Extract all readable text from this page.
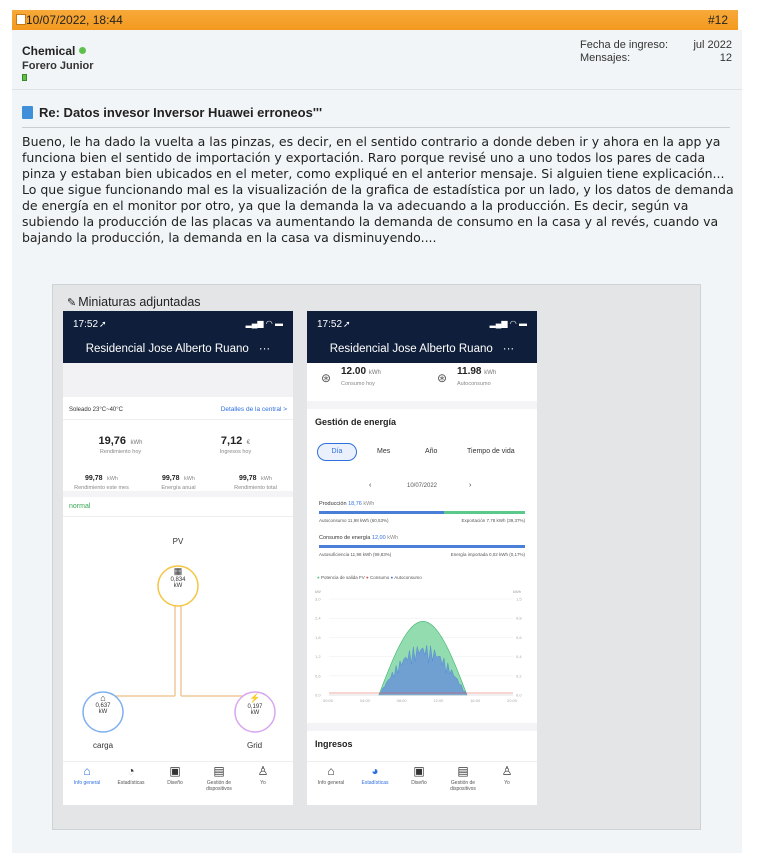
10/07/2022, 18:44	#12
Chemical
Forero Junior
Fecha de ingreso:	jul 2022
Mensajes:	12
Re: Datos invesor Inversor Huawei erroneos'''

Bueno, le ha dado la vuelta a las pinzas, es decir, en el sentido contrario a donde deben ir y ahora en la app ya funciona bien el sentido de importación y exportación. Raro porque revisé uno a uno todos los pares de cada pinza y estaban bien ubicados en el meter, como expliqué en el anterior mensaje. Si alguien tiene explicación...

Lo que sigue funcionando mal es la visualización de la grafica de estadística por un lado, y los datos de demanda de energía en el monitor por otro, ya que la demanda la va adecuando a la producción. Es decir, según va subiendo la producción de las placas va aumentando la demanda de consumo en la casa y al revés, cuando va bajando la producción, la demanda en la casa va disminuyendo....

✎ Miniaturas adjuntadas
17:52 ➚	▂▄▆ ◠ ▬
Residencial Jose Alberto Ruano ···
Soleado 23°C~40°C	Detalles de la central >
19,76 kWh
Rendimiento hoy
7,12 €
Ingresos hoy
99,78 kWh
Rendimiento este mes
99,78 kWh
Energía anual
99,78 kWh
Rendimiento total
normal
PV
▦
0,834
kW
⌂
0,637
kW
⚡
0,197
kW
carga	Grid
⌂
Info general
◔
Estadísticas
▣
Diseño
▤
Gestión de dispositivos
♙
Yo
17:52 ➚	▂▄▆ ◠ ▬
Residencial Jose Alberto Ruano ···
⊛ 12.00 kWh
Consumo hoy	⊛ 11.98 kWh
Autoconsumo
Gestión de energía
Día	Mes	Año	Tiempo de vida
‹	10/07/2022	›
Producción 18,76 kWh
Autoconsumo 11,98 kWh (60,53%)	Exportación 7,78 kWh (39,37%)
Consumo de energía 12,00 kWh
Autosuficiencia 11,98 kWh (99,83%)	Energía importada 0,02 kWh (0,17%)
● Potencia de salida FV ● Consumo ● Autoconsumo
kW	kWh
3,0	1,5
2,4	0,8
1,8	0,6
1,2	0,4
0,6	0,2
0,0	0,0
00:00	04:00	08:00	12:00	16:00	20:00
Ingresos
⌂
Info general
◕
Estadísticas
▣
Diseño
▤
Gestión de dispositivos
♙
Yo
